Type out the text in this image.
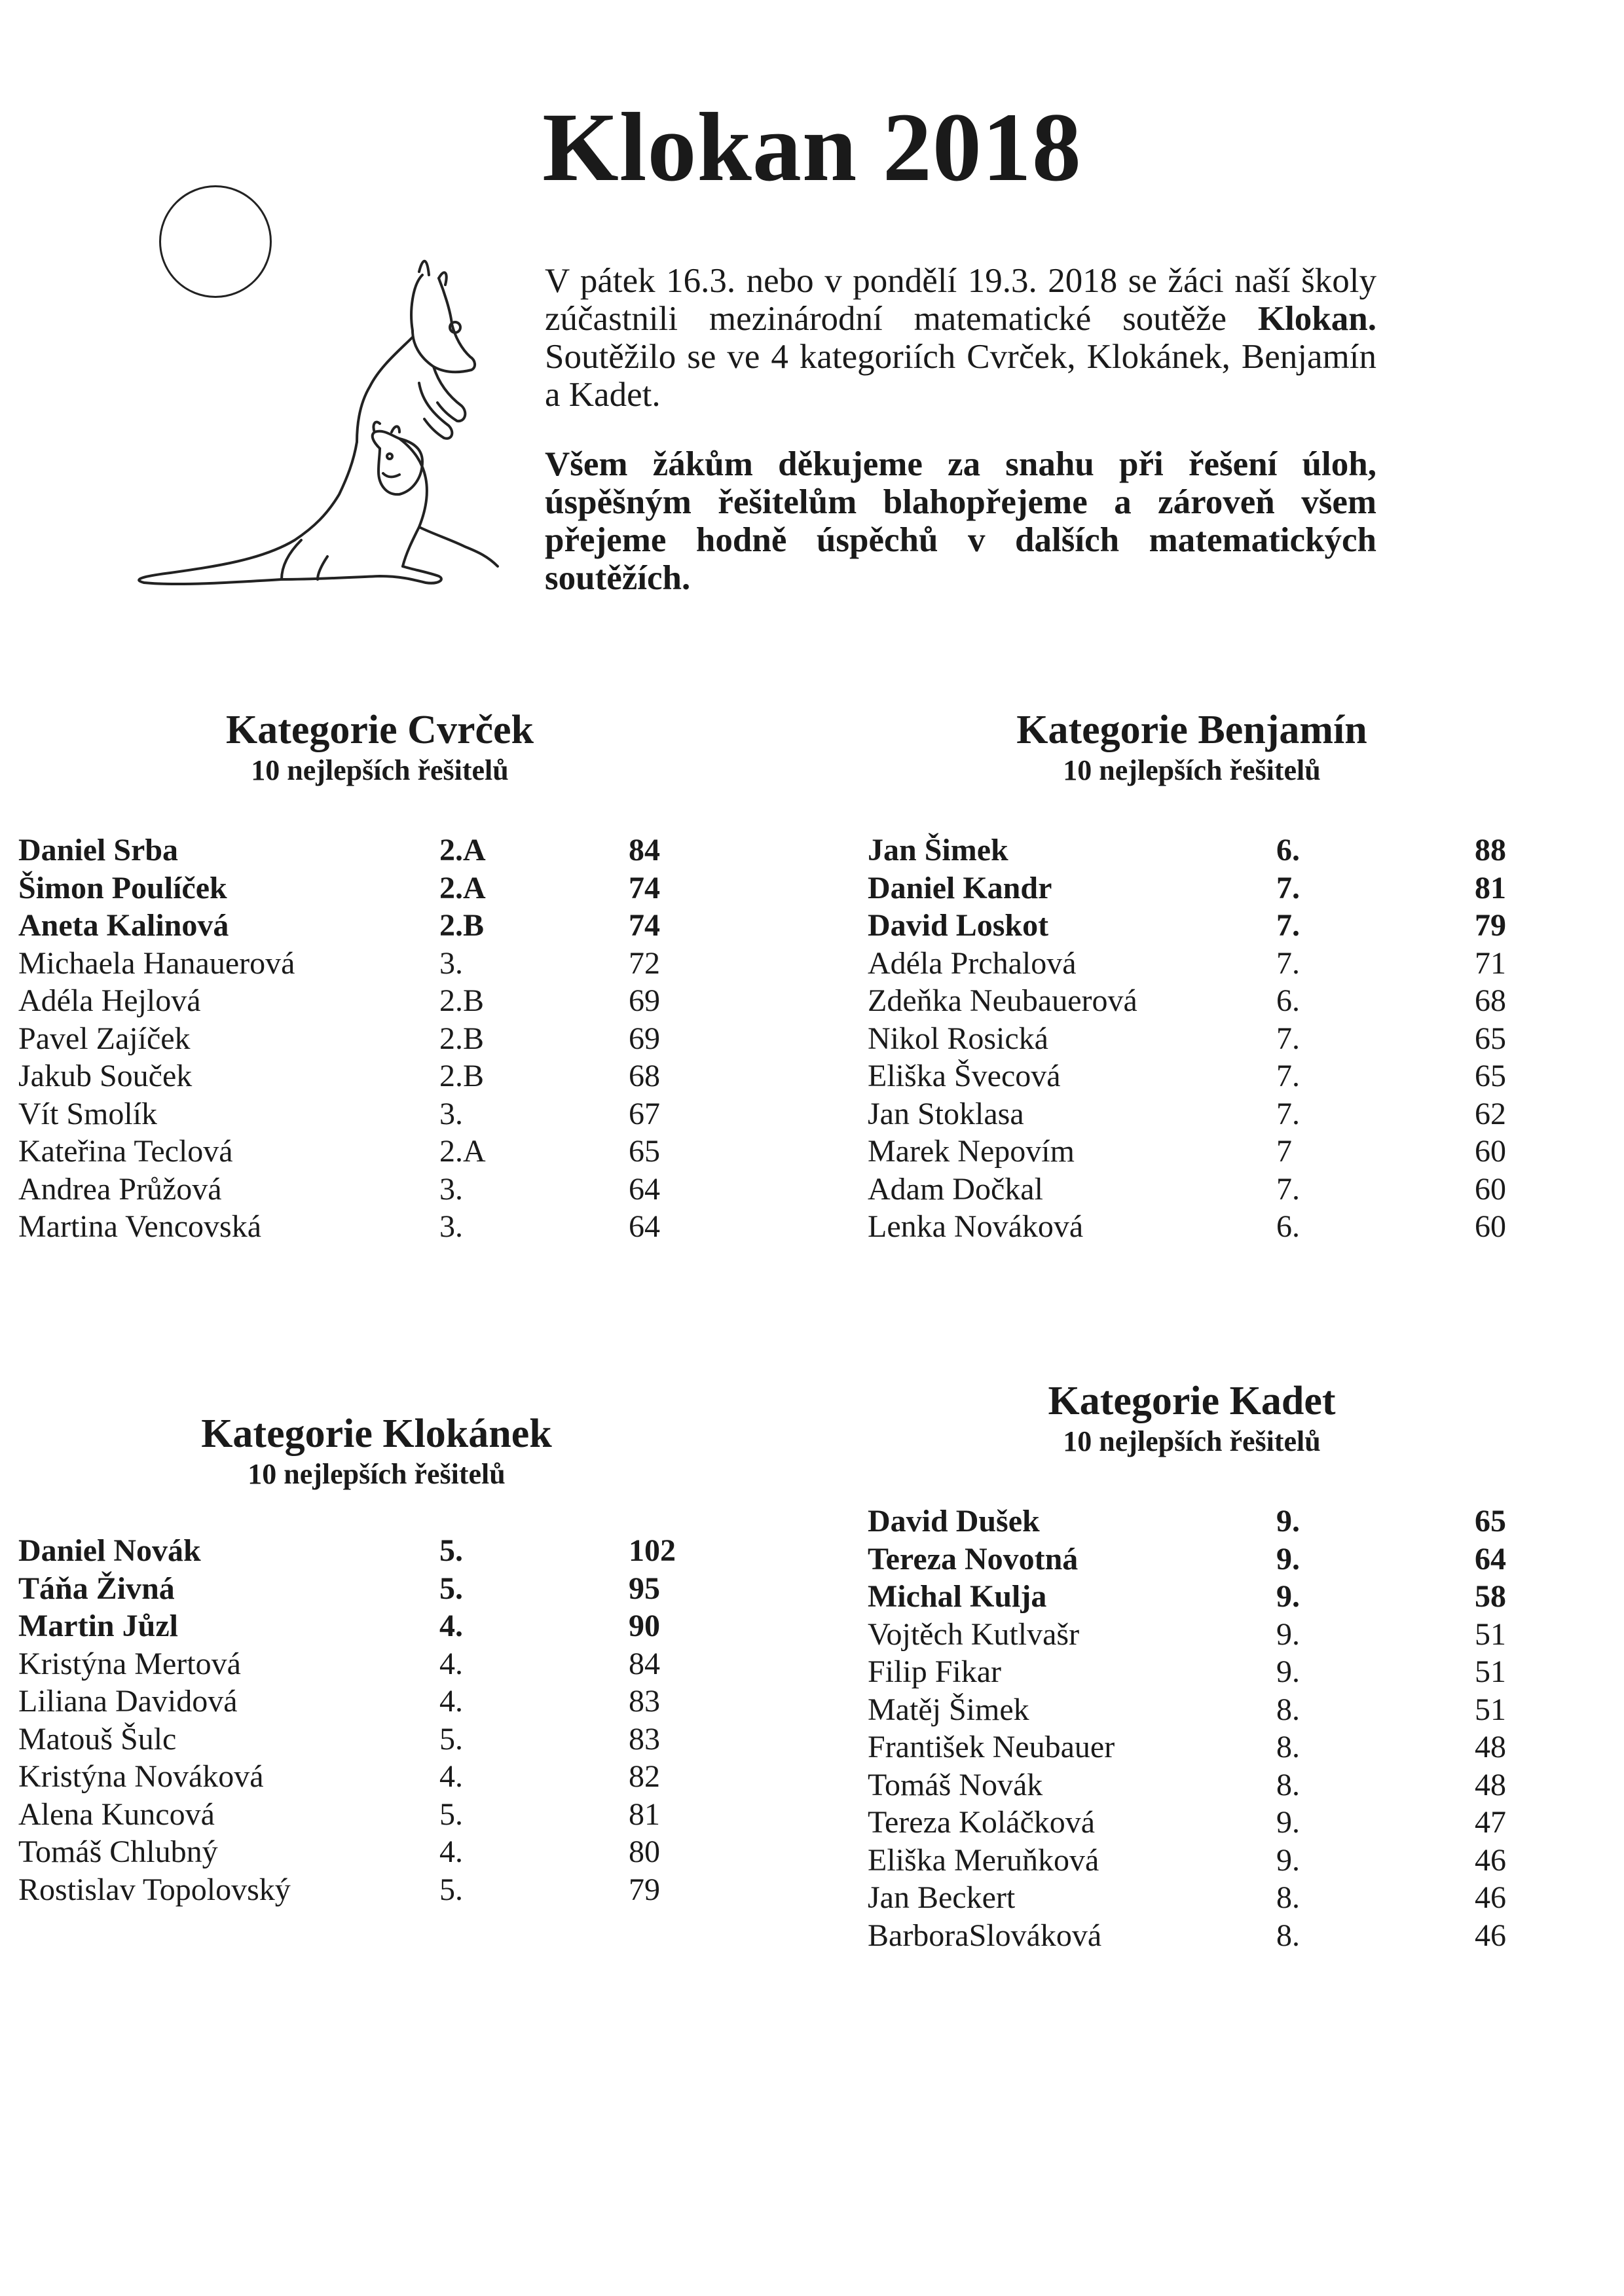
Klokan 2018

V pátek 16.3. nebo v pondělí 19.3. 2018 se žáci naší školy zúčastnili mezinárodní matematické soutěže Klokan. Soutěžilo se ve 4 kategoriích Cvrček, Klokánek, Benjamín a Kadet.

Všem žákům děkujeme za snahu při řešení úloh, úspěšným řešitelům blahopřejeme a zároveň všem přejeme hodně úspěchů v dalších matematických soutěžích.

Kategorie Cvrček
10 nejlepších řešitelů
Kategorie Benjamín
10 nejlepších řešitelů
Kategorie Klokánek
10 nejlepších řešitelů
Kategorie Kadet
10 nejlepších řešitelů
Daniel Srba	2.A	84
Šimon Poulíček	2.A	74
Aneta Kalinová	2.B	74
Michaela Hanauerová	3.	72
Adéla Hejlová	2.B	69
Pavel Zajíček	2.B	69
Jakub Souček	2.B	68
Vít Smolík	3.	67
Kateřina Teclová	2.A	65
Andrea Průžová	3.	64
Martina Vencovská	3.	64
Jan Šimek	6.	88
Daniel Kandr	7.	81
David Loskot	7.	79
Adéla Prchalová	7.	71
Zdeňka Neubauerová	6.	68
Nikol Rosická	7.	65
Eliška Švecová	7.	65
Jan Stoklasa	7.	62
Marek Nepovím	7	60
Adam Dočkal	7.	60
Lenka Nováková	6.	60
Daniel Novák	5.	102
Táňa Živná	5.	95
Martin Jůzl	4.	90
Kristýna Mertová	4.	84
Liliana Davidová	4.	83
Matouš Šulc	5.	83
Kristýna Nováková	4.	82
Alena Kuncová	5.	81
Tomáš Chlubný	4.	80
Rostislav Topolovský	5.	79
David Dušek	9.	65
Tereza Novotná	9.	64
Michal Kulja	9.	58
Vojtěch Kutlvašr	9.	51
Filip Fikar	9.	51
Matěj Šimek	8.	51
František Neubauer	8.	48
Tomáš Novák	8.	48
Tereza Koláčková	9.	47
Eliška Meruňková	9.	46
Jan Beckert	8.	46
BarboraSlováková	8.	46
